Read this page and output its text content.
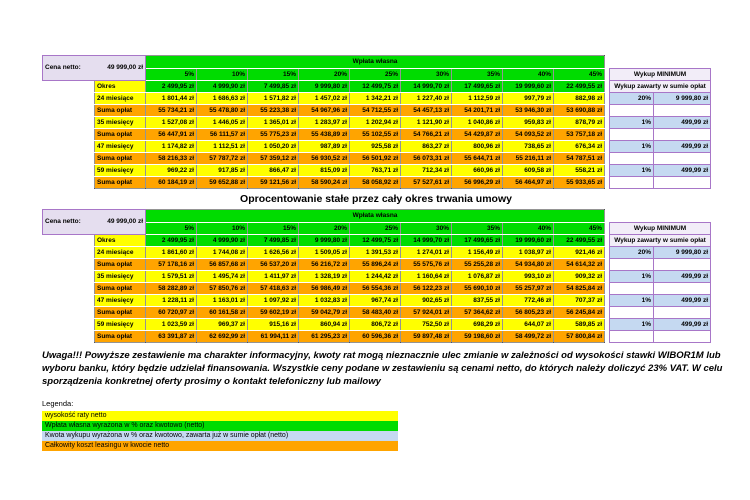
Cena netto: 49 999,00 zł		Wpłata własna											
		5%	10%	15%	20%	25%	30%	35%	40%	45%		Wykup MINIMUM	
	Okres	2 499,95 zł	4 999,90 zł	7 499,85 zł	9 999,80 zł	12 499,75 zł	14 999,70 zł	17 499,65 zł	19 999,60 zł	22 499,55 zł		Wykup zawarty w sumie opłat	
	24 miesiące	1 801,44 zł	1 686,63 zł	1 571,82 zł	1 457,02 zł	1 342,21 zł	1 227,40 zł	1 112,59 zł	997,79 zł	882,98 zł		20%	9 999,80 zł
	Suma opłat	55 734,21 zł	55 478,80 zł	55 223,38 zł	54 967,96 zł	54 712,55 zł	54 457,13 zł	54 201,71 zł	53 946,30 zł	53 690,88 zł			
	35 miesięcy	1 527,08 zł	1 446,05 zł	1 365,01 zł	1 283,97 zł	1 202,94 zł	1 121,90 zł	1 040,86 zł	959,83 zł	878,79 zł		1%	499,99 zł
	Suma opłat	56 447,91 zł	56 111,57 zł	55 775,23 zł	55 438,89 zł	55 102,55 zł	54 766,21 zł	54 429,87 zł	54 093,52 zł	53 757,18 zł			
	47 miesięcy	1 174,82 zł	1 112,51 zł	1 050,20 zł	987,89 zł	925,58 zł	863,27 zł	800,96 zł	738,65 zł	676,34 zł		1%	499,99 zł
	Suma opłat	58 216,33 zł	57 787,72 zł	57 359,12 zł	56 930,52 zł	56 501,92 zł	56 073,31 zł	55 644,71 zł	55 216,11 zł	54 787,51 zł			
	59 miesięcy	969,22 zł	917,85 zł	866,47 zł	815,09 zł	763,71 zł	712,34 zł	660,96 zł	609,58 zł	558,21 zł		1%	499,99 zł
	Suma opłat	60 184,19 zł	59 652,88 zł	59 121,56 zł	58 590,24 zł	58 058,92 zł	57 527,61 zł	56 996,29 zł	56 464,97 zł	55 933,65 zł			
Oprocentowanie stałe przez cały okres trwania umowy
Cena netto: 49 999,00 zł		Wpłata własna											
		5%	10%	15%	20%	25%	30%	35%	40%	45%		Wykup MINIMUM	
	Okres	2 499,95 zł	4 999,90 zł	7 499,85 zł	9 999,80 zł	12 499,75 zł	14 999,70 zł	17 499,65 zł	19 999,60 zł	22 499,55 zł		Wykup zawarty w sumie opłat	
	24 miesiące	1 861,60 zł	1 744,08 zł	1 626,56 zł	1 509,05 zł	1 391,53 zł	1 274,01 zł	1 156,49 zł	1 038,97 zł	921,46 zł		20%	9 999,80 zł
	Suma opłat	57 178,16 zł	56 857,68 zł	56 537,20 zł	56 216,72 zł	55 896,24 zł	55 575,76 zł	55 255,28 zł	54 934,80 zł	54 614,32 zł			
	35 miesięcy	1 579,51 zł	1 495,74 zł	1 411,97 zł	1 328,19 zł	1 244,42 zł	1 160,64 zł	1 076,87 zł	993,10 zł	909,32 zł		1%	499,99 zł
	Suma opłat	58 282,89 zł	57 850,76 zł	57 418,63 zł	56 986,49 zł	56 554,36 zł	56 122,23 zł	55 690,10 zł	55 257,97 zł	54 825,84 zł			
	47 miesięcy	1 228,11 zł	1 163,01 zł	1 097,92 zł	1 032,83 zł	967,74 zł	902,65 zł	837,55 zł	772,46 zł	707,37 zł		1%	499,99 zł
	Suma opłat	60 720,97 zł	60 161,58 zł	59 602,19 zł	59 042,79 zł	58 483,40 zł	57 924,01 zł	57 364,62 zł	56 805,23 zł	56 245,84 zł			
	59 miesięcy	1 023,59 zł	969,37 zł	915,16 zł	860,94 zł	806,72 zł	752,50 zł	698,29 zł	644,07 zł	589,85 zł		1%	499,99 zł
	Suma opłat	63 391,87 zł	62 692,99 zł	61 994,11 zł	61 295,23 zł	60 596,36 zł	59 897,48 zł	59 198,60 zł	58 499,72 zł	57 800,84 zł			
Uwaga!!! Powyższe zestawienie ma charakter informacyjny, kwoty rat mogą nieznacznie ulec zmianie w zależności od wysokości stawki WIBOR1M lub wyboru banku, który będzie udzielał finansowania. Wszystkie ceny podane w zestawieniu są cenami netto, do których należy doliczyć 23% VAT. W celu sporządzenia konkretnej oferty prosimy o kontakt telefoniczny lub mailowy
Legenda:
wysokość raty netto
Wpłata własna wyrażona w % oraz kwotowo (netto)
Kwota wykupu wyrażona w % oraz kwotowo, zawarta już w sumie opłat (netto)
Całkowity koszt leasingu w kwocie netto
